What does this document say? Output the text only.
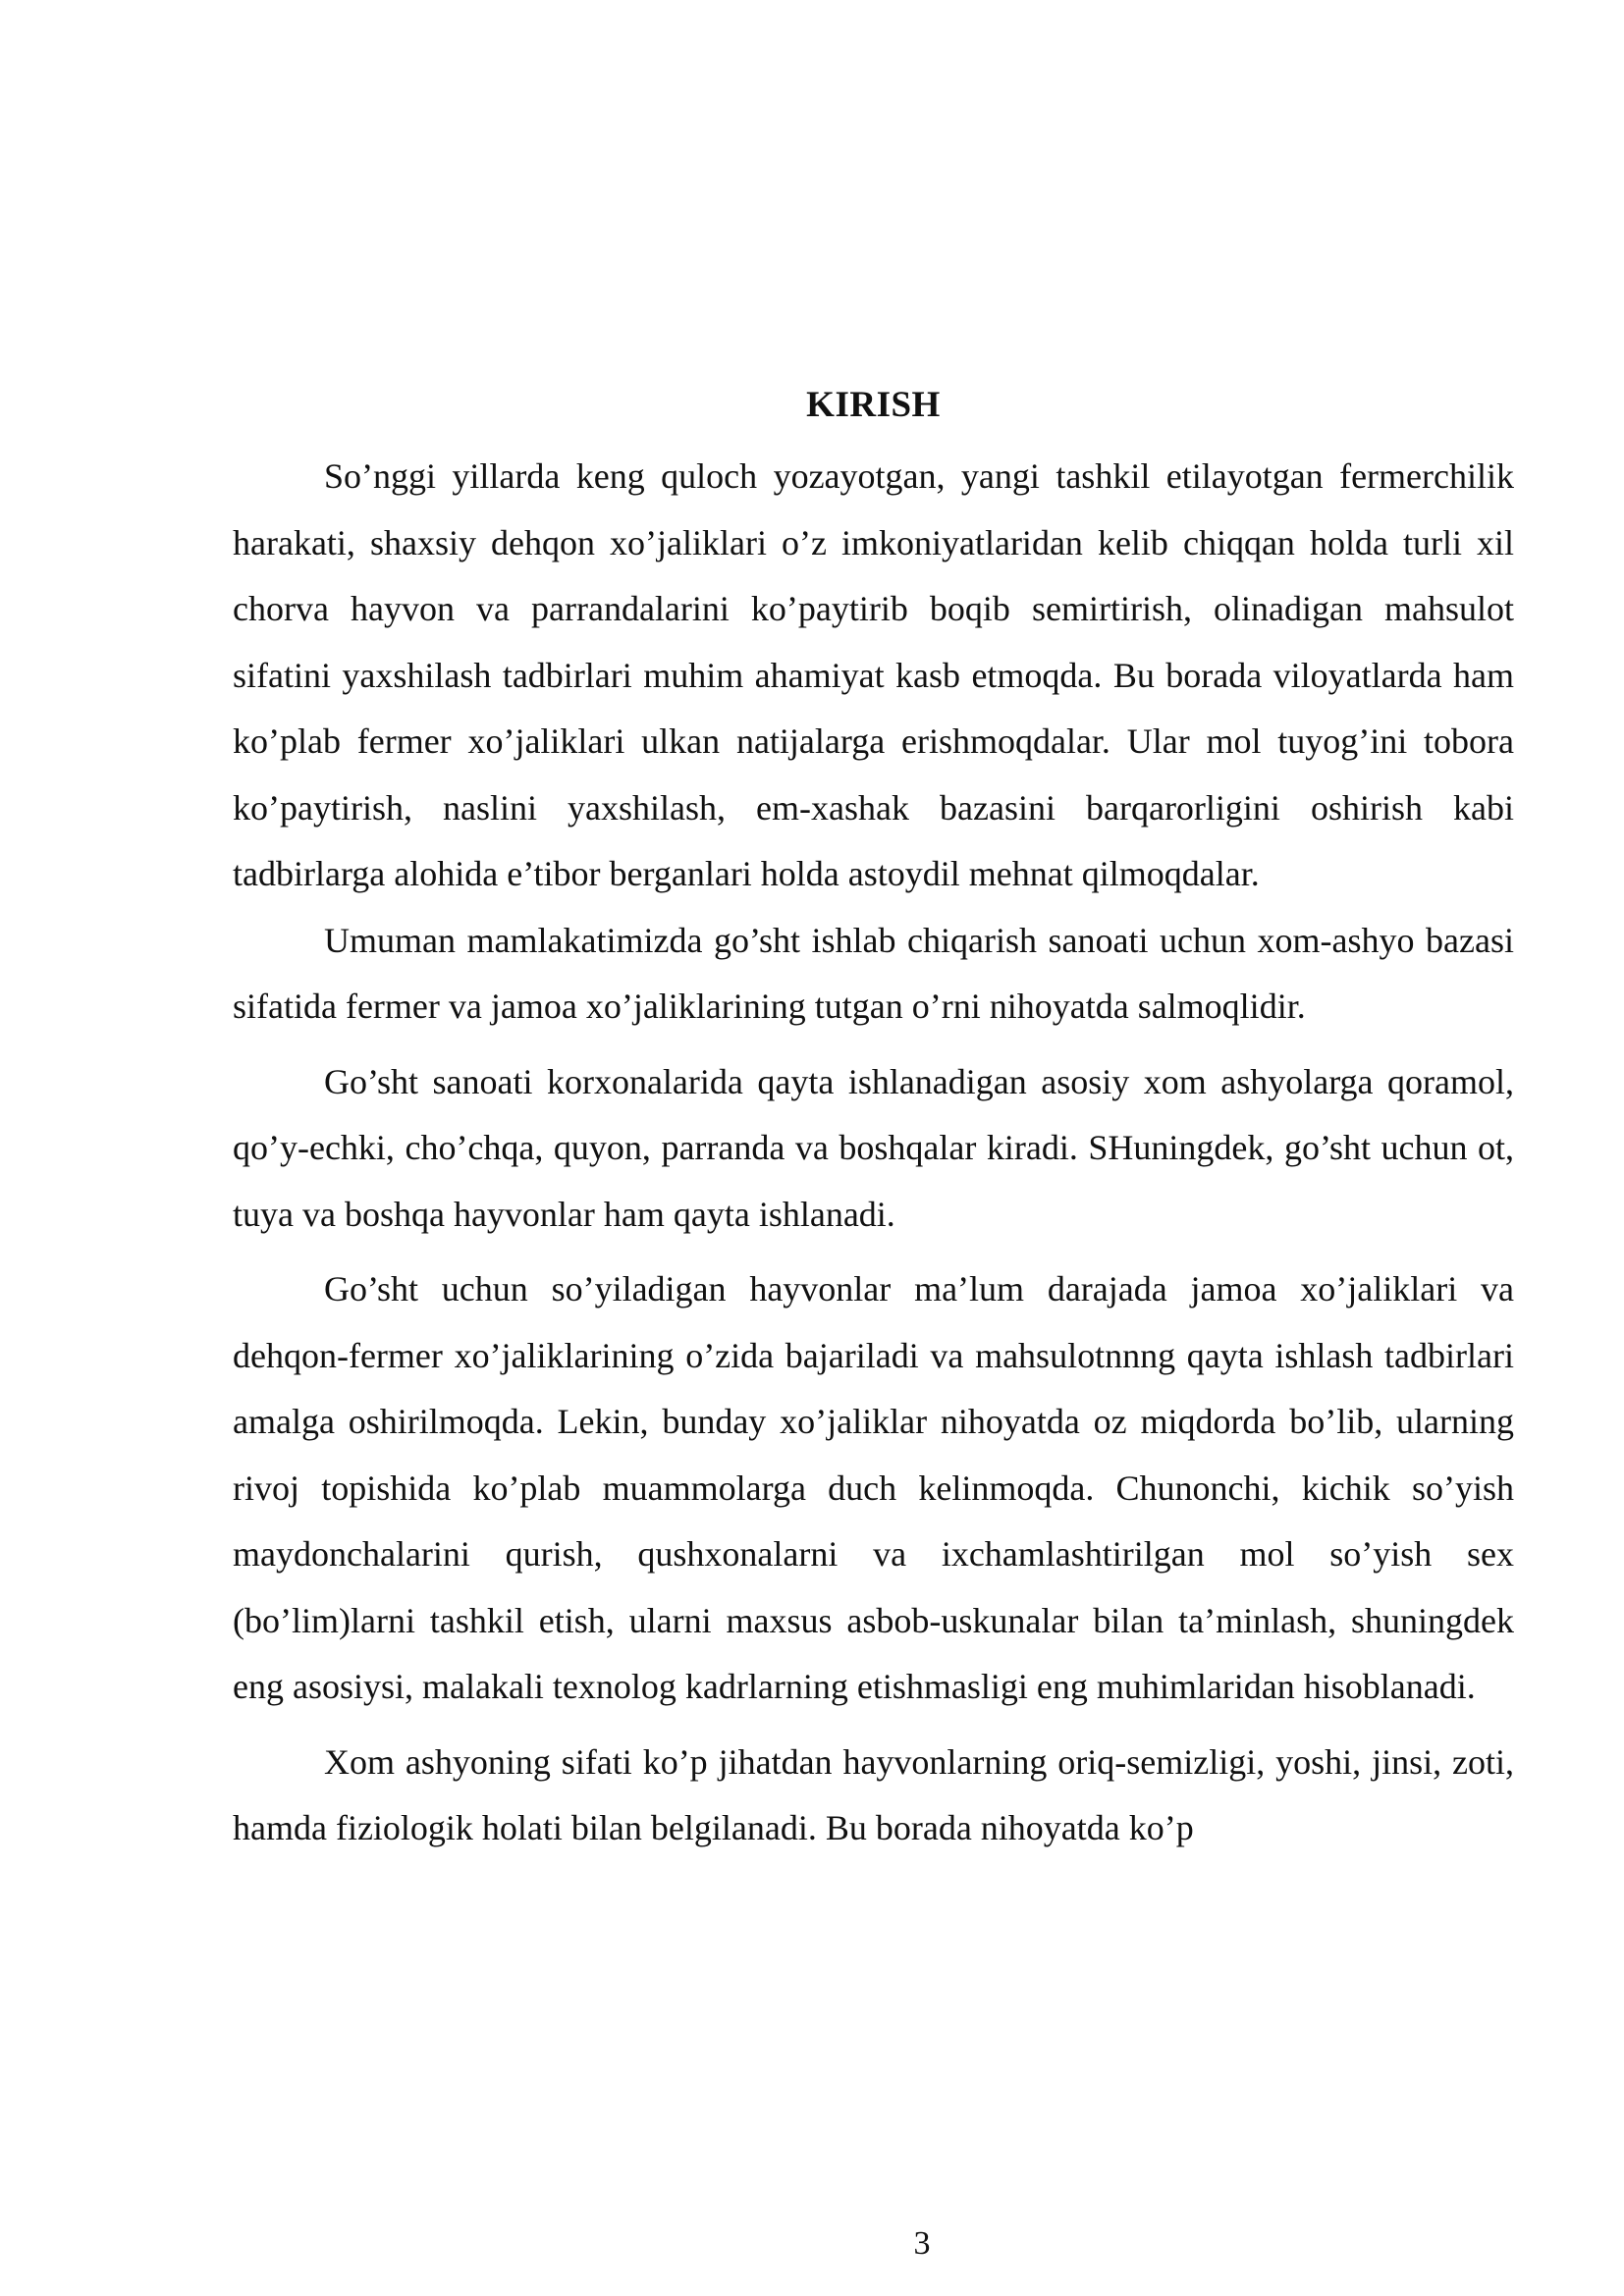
KIRISH

So’nggi yillarda keng quloch yozayotgan, yangi tashkil etilayotgan fermerchilik harakati, shaxsiy dehqon xo’jaliklari o’z imkoniyatlaridan kelib chiqqan holda turli xil chorva hayvon va parrandalarini ko’paytirib boqib semirtirish, olinadigan mahsulot sifatini yaxshilash tadbirlari muhim ahamiyat kasb etmoqda. Bu borada viloyatlarda ham ko’plab fermer xo’jaliklari ulkan natijalarga erishmoqdalar. Ular mol tuyog’ini tobora ko’paytirish, naslini yaxshilash, em-xashak bazasini barqarorligini oshirish kabi tadbirlarga alohida e’tibor berganlari holda astoydil mehnat qilmoqdalar.

Umuman mamlakatimizda go’sht ishlab chiqarish sanoati uchun xom-ashyo bazasi sifatida fermer va jamoa xo’jaliklarining tutgan o’rni nihoyatda salmoqlidir.

Go’sht sanoati korxonalarida qayta ishlanadigan asosiy xom ashyolarga qoramol, qo’y-echki, cho’chqa, quyon, parranda va boshqalar kiradi. SHuningdek, go’sht uchun ot, tuya va boshqa hayvonlar ham qayta ishlanadi.

Go’sht uchun so’yiladigan hayvonlar ma’lum darajada jamoa xo’jaliklari va dehqon-fermer xo’jaliklarining o’zida bajariladi va mahsulotnnng qayta ishlash tadbirlari amalga oshirilmoqda. Lekin, bunday xo’jaliklar nihoyatda oz miqdorda bo’lib, ularning rivoj topishida ko’plab muammolarga duch kelinmoqda. Chunonchi, kichik so’yish maydonchalarini qurish, qushxonalarni va ixchamlashtirilgan mol so’yish sex (bo’lim)larni tashkil etish, ularni maxsus asbob-uskunalar bilan ta’minlash, shuningdek eng asosiysi, malakali texnolog kadrlarning etishmasligi eng muhimlaridan hisoblanadi.

Xom ashyoning sifati ko’p jihatdan hayvonlarning oriq-semizligi, yoshi, jinsi, zoti, hamda fiziologik holati bilan belgilanadi. Bu borada nihoyatda ko’p

3
